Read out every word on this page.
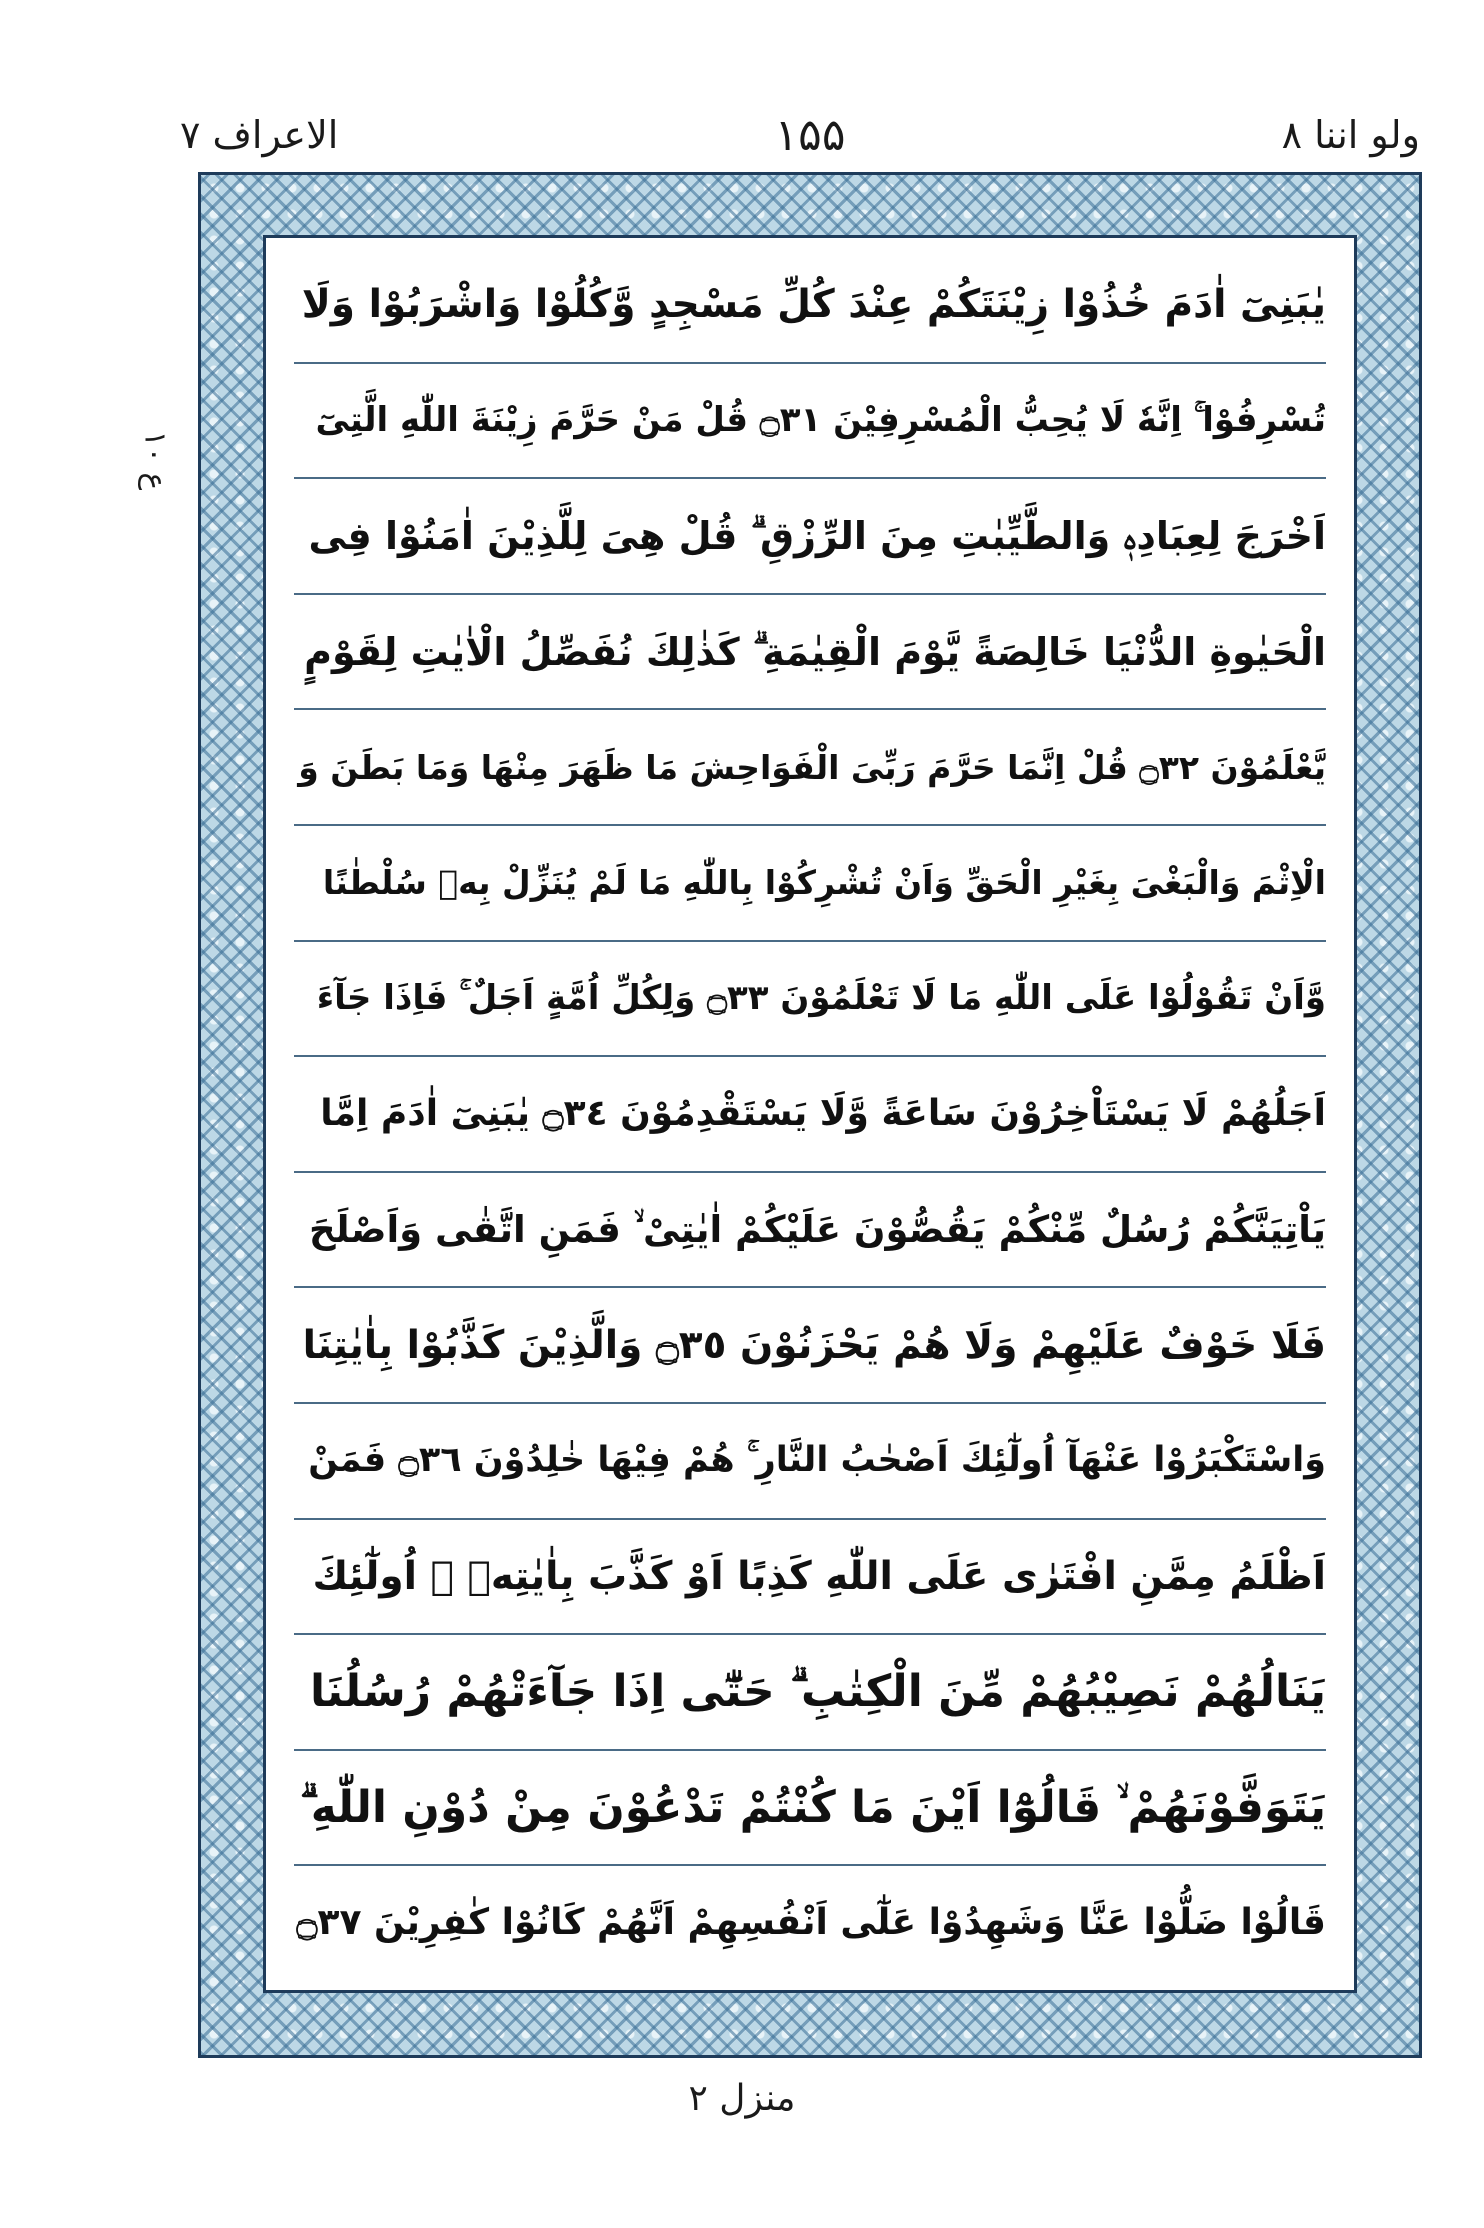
الاعراف ۷	۱۵۵	ولو اننا ۸
ع ۱۰
يٰبَنِىٓ اٰدَمَ خُذُوْا زِيْنَتَكُمْ عِنْدَ كُلِّ مَسْجِدٍ وَّكُلُوْا وَاشْرَبُوْا وَلَا
تُسْرِفُوْا ۚ اِنَّهٗ لَا يُحِبُّ الْمُسْرِفِيْنَ ۝٣١ قُلْ مَنْ حَرَّمَ زِيْنَةَ اللّٰهِ الَّتِىٓ
اَخْرَجَ لِعِبَادِهٖ وَالطَّيِّبٰتِ مِنَ الرِّزْقِ ۗ قُلْ هِىَ لِلَّذِيْنَ اٰمَنُوْا فِى
الْحَيٰوةِ الدُّنْيَا خَالِصَةً يَّوْمَ الْقِيٰمَةِ ۗ كَذٰلِكَ نُفَصِّلُ الْاٰيٰتِ لِقَوْمٍ
يَّعْلَمُوْنَ ۝٣٢ قُلْ اِنَّمَا حَرَّمَ رَبِّىَ الْفَوَاحِشَ مَا ظَهَرَ مِنْهَا وَمَا بَطَنَ وَ
الْاِثْمَ وَالْبَغْىَ بِغَيْرِ الْحَقِّ وَاَنْ تُشْرِكُوْا بِاللّٰهِ مَا لَمْ يُنَزِّلْ بِهٖ سُلْطٰنًا
وَّاَنْ تَقُوْلُوْا عَلَى اللّٰهِ مَا لَا تَعْلَمُوْنَ ۝٣٣ وَلِكُلِّ اُمَّةٍ اَجَلٌ ۚ فَاِذَا جَآءَ
اَجَلُهُمْ لَا يَسْتَاْخِرُوْنَ سَاعَةً وَّلَا يَسْتَقْدِمُوْنَ ۝٣٤ يٰبَنِىٓ اٰدَمَ اِمَّا
يَاْتِيَنَّكُمْ رُسُلٌ مِّنْكُمْ يَقُصُّوْنَ عَلَيْكُمْ اٰيٰتِىْ ۙ فَمَنِ اتَّقٰى وَاَصْلَحَ
فَلَا خَوْفٌ عَلَيْهِمْ وَلَا هُمْ يَحْزَنُوْنَ ۝٣٥ وَالَّذِيْنَ كَذَّبُوْا بِاٰيٰتِنَا
وَاسْتَكْبَرُوْا عَنْهَآ اُولٰٓئِكَ اَصْحٰبُ النَّارِ ۚ هُمْ فِيْهَا خٰلِدُوْنَ ۝٣٦ فَمَنْ
اَظْلَمُ مِمَّنِ افْتَرٰى عَلَى اللّٰهِ كَذِبًا اَوْ كَذَّبَ بِاٰيٰتِهٖ ۗ اُولٰٓئِكَ
يَنَالُهُمْ نَصِيْبُهُمْ مِّنَ الْكِتٰبِ ۗ حَتّٰٓى اِذَا جَآءَتْهُمْ رُسُلُنَا
يَتَوَفَّوْنَهُمْ ۙ قَالُوْٓا اَيْنَ مَا كُنْتُمْ تَدْعُوْنَ مِنْ دُوْنِ اللّٰهِ ۗ
قَالُوْا ضَلُّوْا عَنَّا وَشَهِدُوْا عَلٰٓى اَنْفُسِهِمْ اَنَّهُمْ كَانُوْا كٰفِرِيْنَ ۝٣٧
منزل ۲
